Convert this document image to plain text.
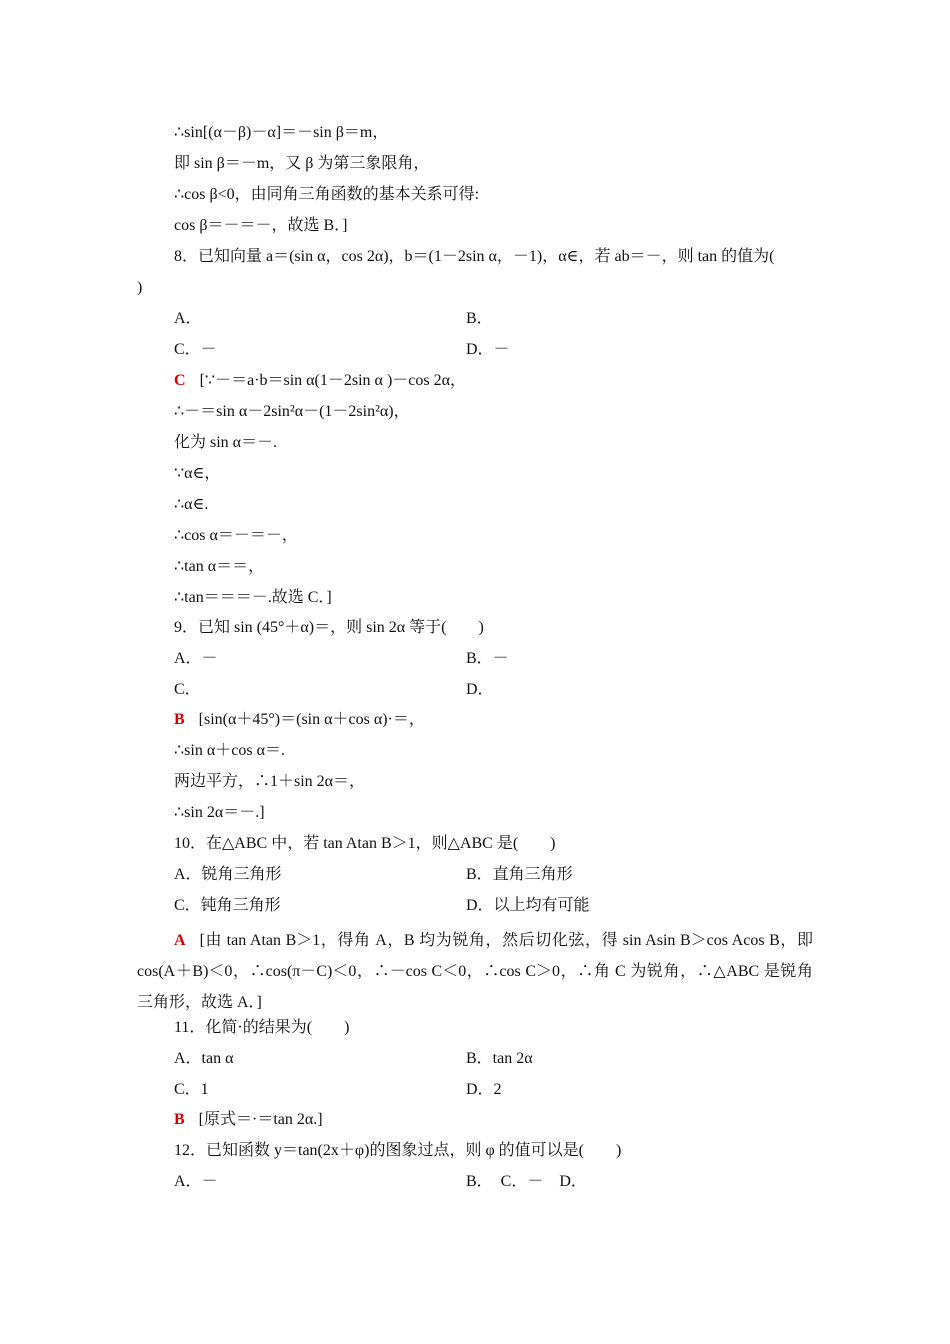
∴sin[(α－β)－α]＝－sin β＝m，
即 sin β＝－m，又 β 为第三象限角，
∴cos β<0，由同角三角函数的基本关系可得:
cos β＝－＝－，故选 B．]
8．已知向量 a＝(sin α，cos 2α)，b＝(1－2sin α，－1)，α∈，若 ab＝－，则 tan 的值为(
)
A．	B．
C．－	D．－
C [∵－＝a·b＝sin α(1－2sin α )－cos 2α，
∴－＝sin α－2sin²α－(1－2sin²α)，
化为 sin α＝－.
∵α∈，
∴α∈.
∴cos α＝－＝－，
∴tan α＝＝，
∴tan＝＝＝－.故选 C．]
9．已知 sin (45°＋α)＝，则 sin 2α 等于(　　)
A．－	B．－
C．	D．
B [sin(α＋45°)＝(sin α＋cos α)·＝，
∴sin α＋cos α＝.
两边平方，∴1＋sin 2α＝，
∴sin 2α＝－.]
10．在△ABC 中，若 tan Atan B＞1，则△ABC 是(　　)
A．锐角三角形	B．直角三角形
C．钝角三角形	D．以上均有可能
A [由 tan Atan B＞1，得角 A，B 均为锐角，然后切化弦，得 sin Asin B＞cos Acos B，即 cos(A＋B)＜0，∴cos(π－C)＜0，∴－cos C＜0，∴cos C＞0，∴角 C 为锐角，∴△ABC 是锐角三角形，故选 A．]
11．化简·的结果为(　　)
A．tan α	B．tan 2α
C．1	D．2
B [原式＝·＝tan 2α.]
12．已知函数 y＝tan(2x＋φ)的图象过点，则 φ 的值可以是(　　)
A．－	B．　C．－　D．
